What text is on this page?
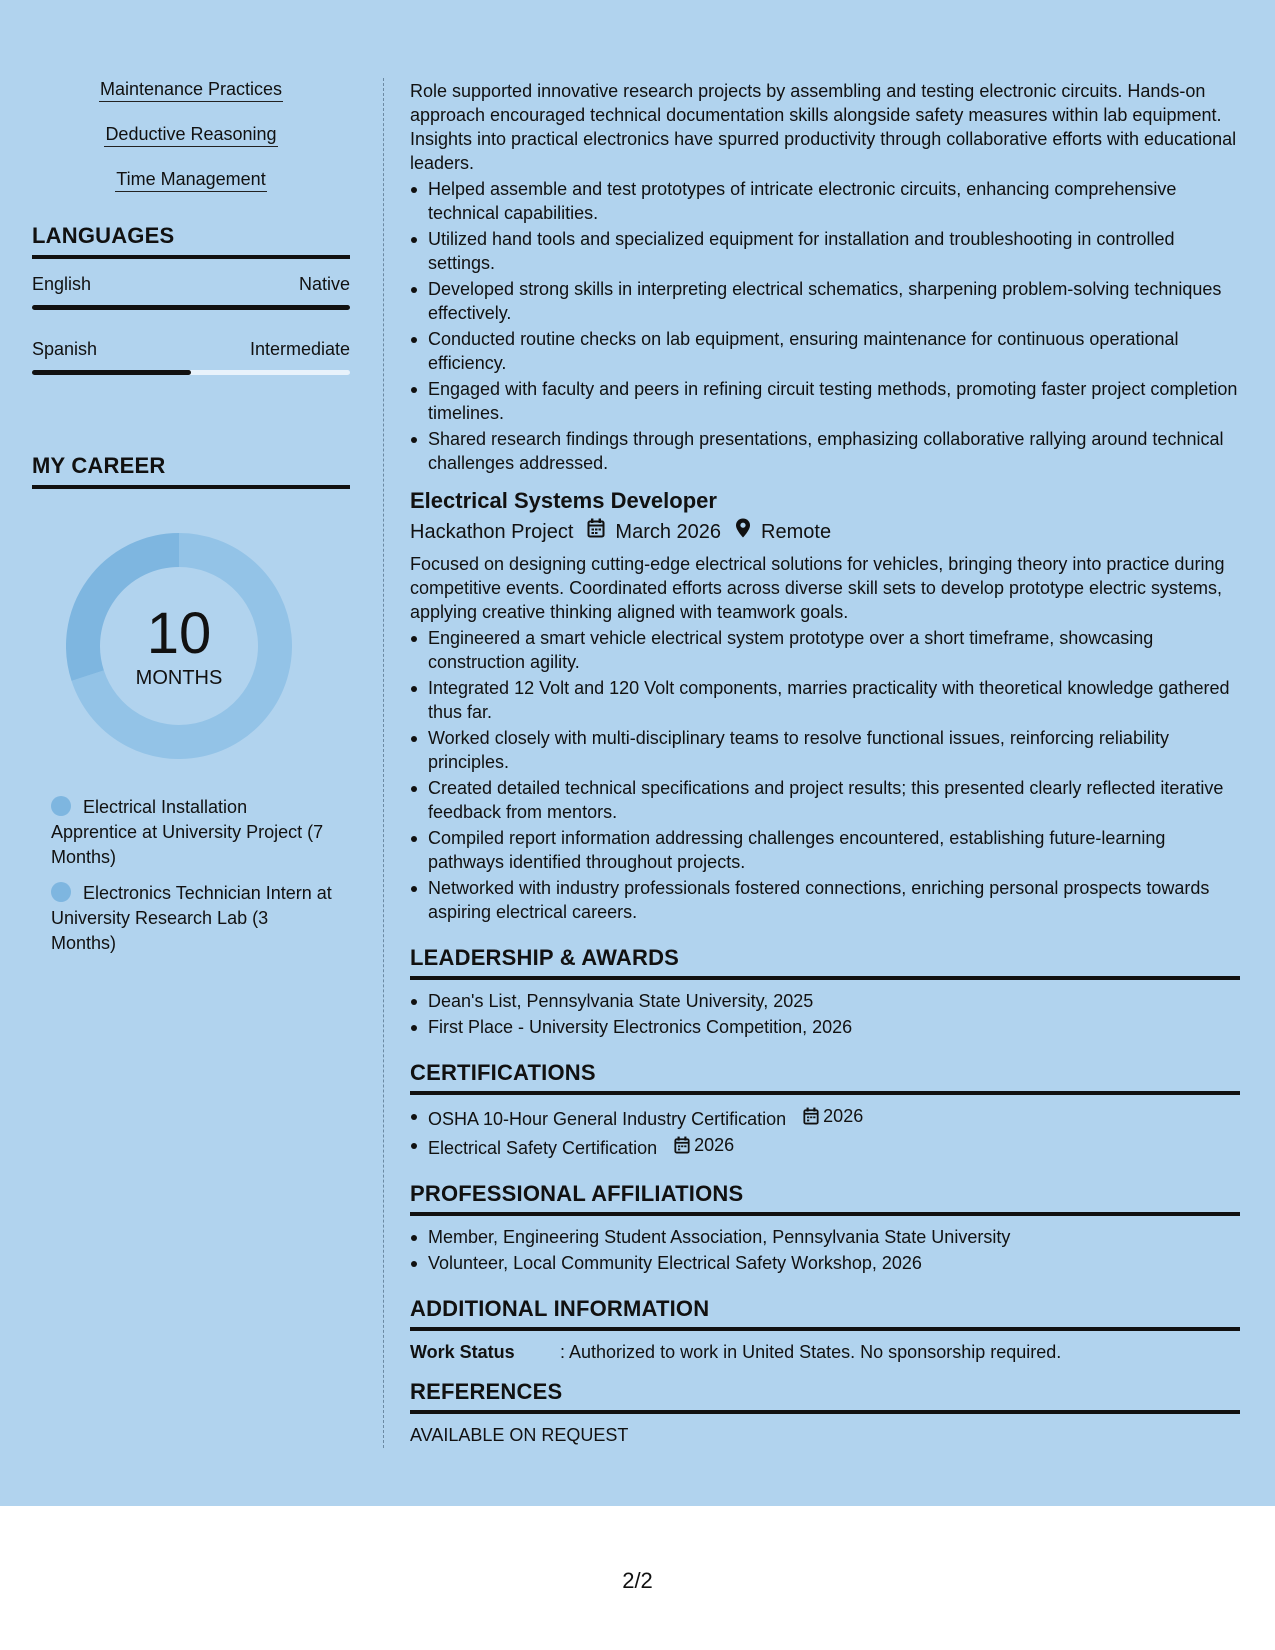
Maintenance Practices
Deductive Reasoning
Time Management
LANGUAGES
English	Native
Spanish	Intermediate
MY CAREER
10
MONTHS
Electrical Installation Apprentice at University Project (7 Months)
Electronics Technician Intern at University Research Lab (3 Months)

Role supported innovative research projects by assembling and testing electronic circuits. Hands-on approach encouraged technical documentation skills alongside safety measures within lab equipment. Insights into practical electronics have spurred productivity through collaborative efforts with educational leaders.

Helped assemble and test prototypes of intricate electronic circuits, enhancing comprehensive technical capabilities.
Utilized hand tools and specialized equipment for installation and troubleshooting in controlled settings.
Developed strong skills in interpreting electrical schematics, sharpening problem-solving techniques effectively.
Conducted routine checks on lab equipment, ensuring maintenance for continuous operational efficiency.
Engaged with faculty and peers in refining circuit testing methods, promoting faster project completion timelines.
Shared research findings through presentations, emphasizing collaborative rallying around technical challenges addressed.
Electrical Systems Developer
Hackathon Project March 2026 Remote

Focused on designing cutting-edge electrical solutions for vehicles, bringing theory into practice during competitive events. Coordinated efforts across diverse skill sets to develop prototype electric systems, applying creative thinking aligned with teamwork goals.

Engineered a smart vehicle electrical system prototype over a short timeframe, showcasing construction agility.
Integrated 12 Volt and 120 Volt components, marries practicality with theoretical knowledge gathered thus far.
Worked closely with multi-disciplinary teams to resolve functional issues, reinforcing reliability principles.
Created detailed technical specifications and project results; this presented clearly reflected iterative feedback from mentors.
Compiled report information addressing challenges encountered, establishing future-learning pathways identified throughout projects.
Networked with industry professionals fostered connections, enriching personal prospects towards aspiring electrical careers.
LEADERSHIP & AWARDS
Dean's List, Pennsylvania State University, 2025
First Place - University Electronics Competition, 2026
CERTIFICATIONS
OSHA 10-Hour General Industry Certification 2026
Electrical Safety Certification 2026
PROFESSIONAL AFFILIATIONS
Member, Engineering Student Association, Pennsylvania State University
Volunteer, Local Community Electrical Safety Workshop, 2026
ADDITIONAL INFORMATION
Work Status	: Authorized to work in United States. No sponsorship required.
REFERENCES
AVAILABLE ON REQUEST
2/2
